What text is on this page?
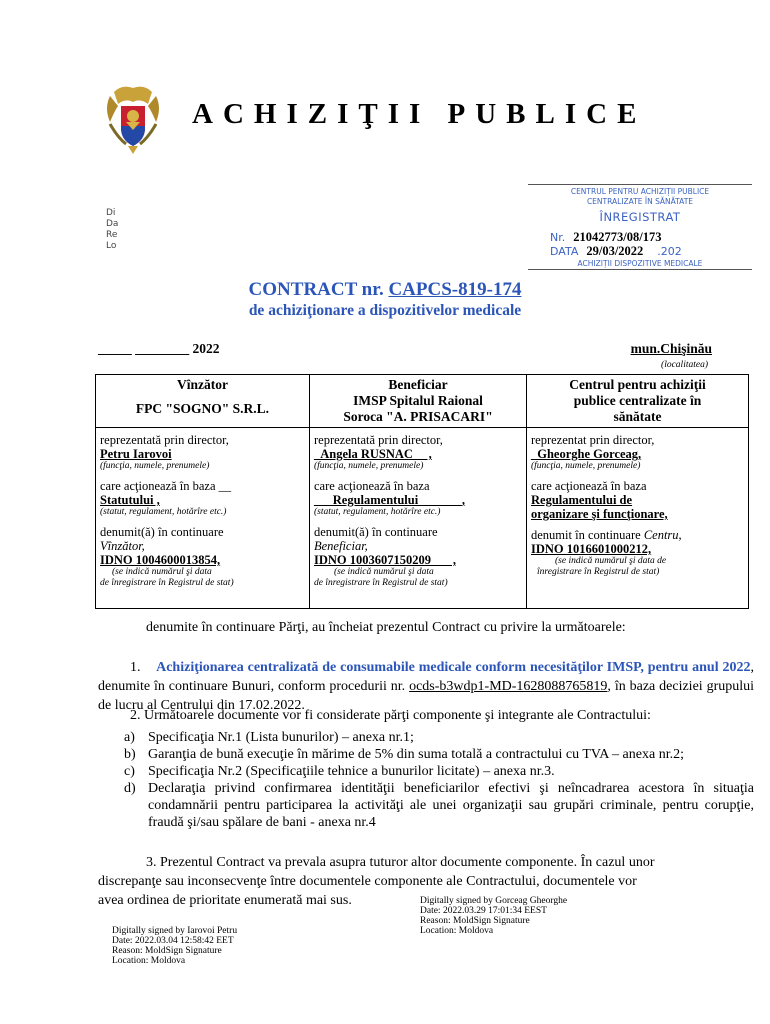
ACHIZIŢII PUBLICE
Di
Da
Re
Lo
CENTRUL PENTRU ACHIZIȚII PUBLICE
CENTRALIZATE ÎN SĂNĂTATE
ÎNREGISTRAT
Nr. 21042773/08/173
DATA 29/03/2022 .202
ACHIZIȚII DISPOZITIVE MEDICALE
CONTRACT nr. CAPCS-819-174
de achiziţionare a dispozitivelor medicale
_____ ________ 2022	mun.Chişinău
(localitatea)
Vînzător
FPC "SOGNO" S.R.L.
reprezentată prin director,
Petru Iarovoi
(funcţia, numele, prenumele)
care acţionează în baza __
Statutului ,
(statut, regulament, hotărîre etc.)
denumit(ă) în continuare
Vînzător,
IDNO 1004600013854,
(se indică numărul şi data
de înregistrare în Registrul de stat)
Beneficiar
IMSP Spitalul Raional
Soroca "A. PRISACARI"
reprezentată prin director,
_Angela RUSNAC__ ,
(funcţia, numele, prenumele)
care acţionează în baza
___Regulamentului_______,
(statut, regulament, hotărîre etc.)
denumit(ă) în continuare
Beneficiar,
IDNO 1003607150209___ ,
(se indică numărul şi data
de înregistrare în Registrul de stat)
Centrul pentru achiziţii
publice centralizate în
sănătate
reprezentat prin director,
_Gheorghe Gorceag,
(funcţia, numele, prenumele)
care acţionează în baza
Regulamentului de
organizare şi funcţionare,
denumit în continuare Centru,
IDNO 1016601000212,
(se indică numărul şi data de
înregistrare în Registrul de stat)
denumite în continuare Părţi, au încheiat prezentul Contract cu privire la următoarele:
1. Achiziţionarea centralizată de consumabile medicale conform necesităţilor IMSP, pentru anul 2022, denumite în continuare Bunuri, conform procedurii nr. ocds-b3wdp1-MD-1628088765819, în baza deciziei grupului de lucru al Centrului din 17.02.2022.
2. Următoarele documente vor fi considerate părţi componente şi integrante ale Contractului:
a) Specificaţia Nr.1 (Lista bunurilor) – anexa nr.1;
b) Garanţia de bună execuţie în mărime de 5% din suma totală a contractului cu TVA – anexa nr.2;
c) Specificaţia Nr.2 (Specificaţiile tehnice a bunurilor licitate) – anexa nr.3.
d) Declaraţia privind confirmarea identităţii beneficiarilor efectivi şi neîncadrarea acestora în situaţia condamnării pentru participarea la activităţi ale unei organizaţii sau grupări criminale, pentru corupţie, fraudă şi/sau spălare de bani - anexa nr.4
3. Prezentul Contract va prevala asupra tuturor altor documente componente. În cazul unor
discrepanţe sau inconsecvenţe între documentele componente ale Contractului, documentele vor
avea ordinea de prioritate enumerată mai sus.
Digitally signed by Iarovoi Petru
Date: 2022.03.04 12:58:42 EET
Reason: MoldSign Signature
Location: Moldova
Digitally signed by Gorceag Gheorghe
Date: 2022.03.29 17:01:34 EEST
Reason: MoldSign Signature
Location: Moldova
